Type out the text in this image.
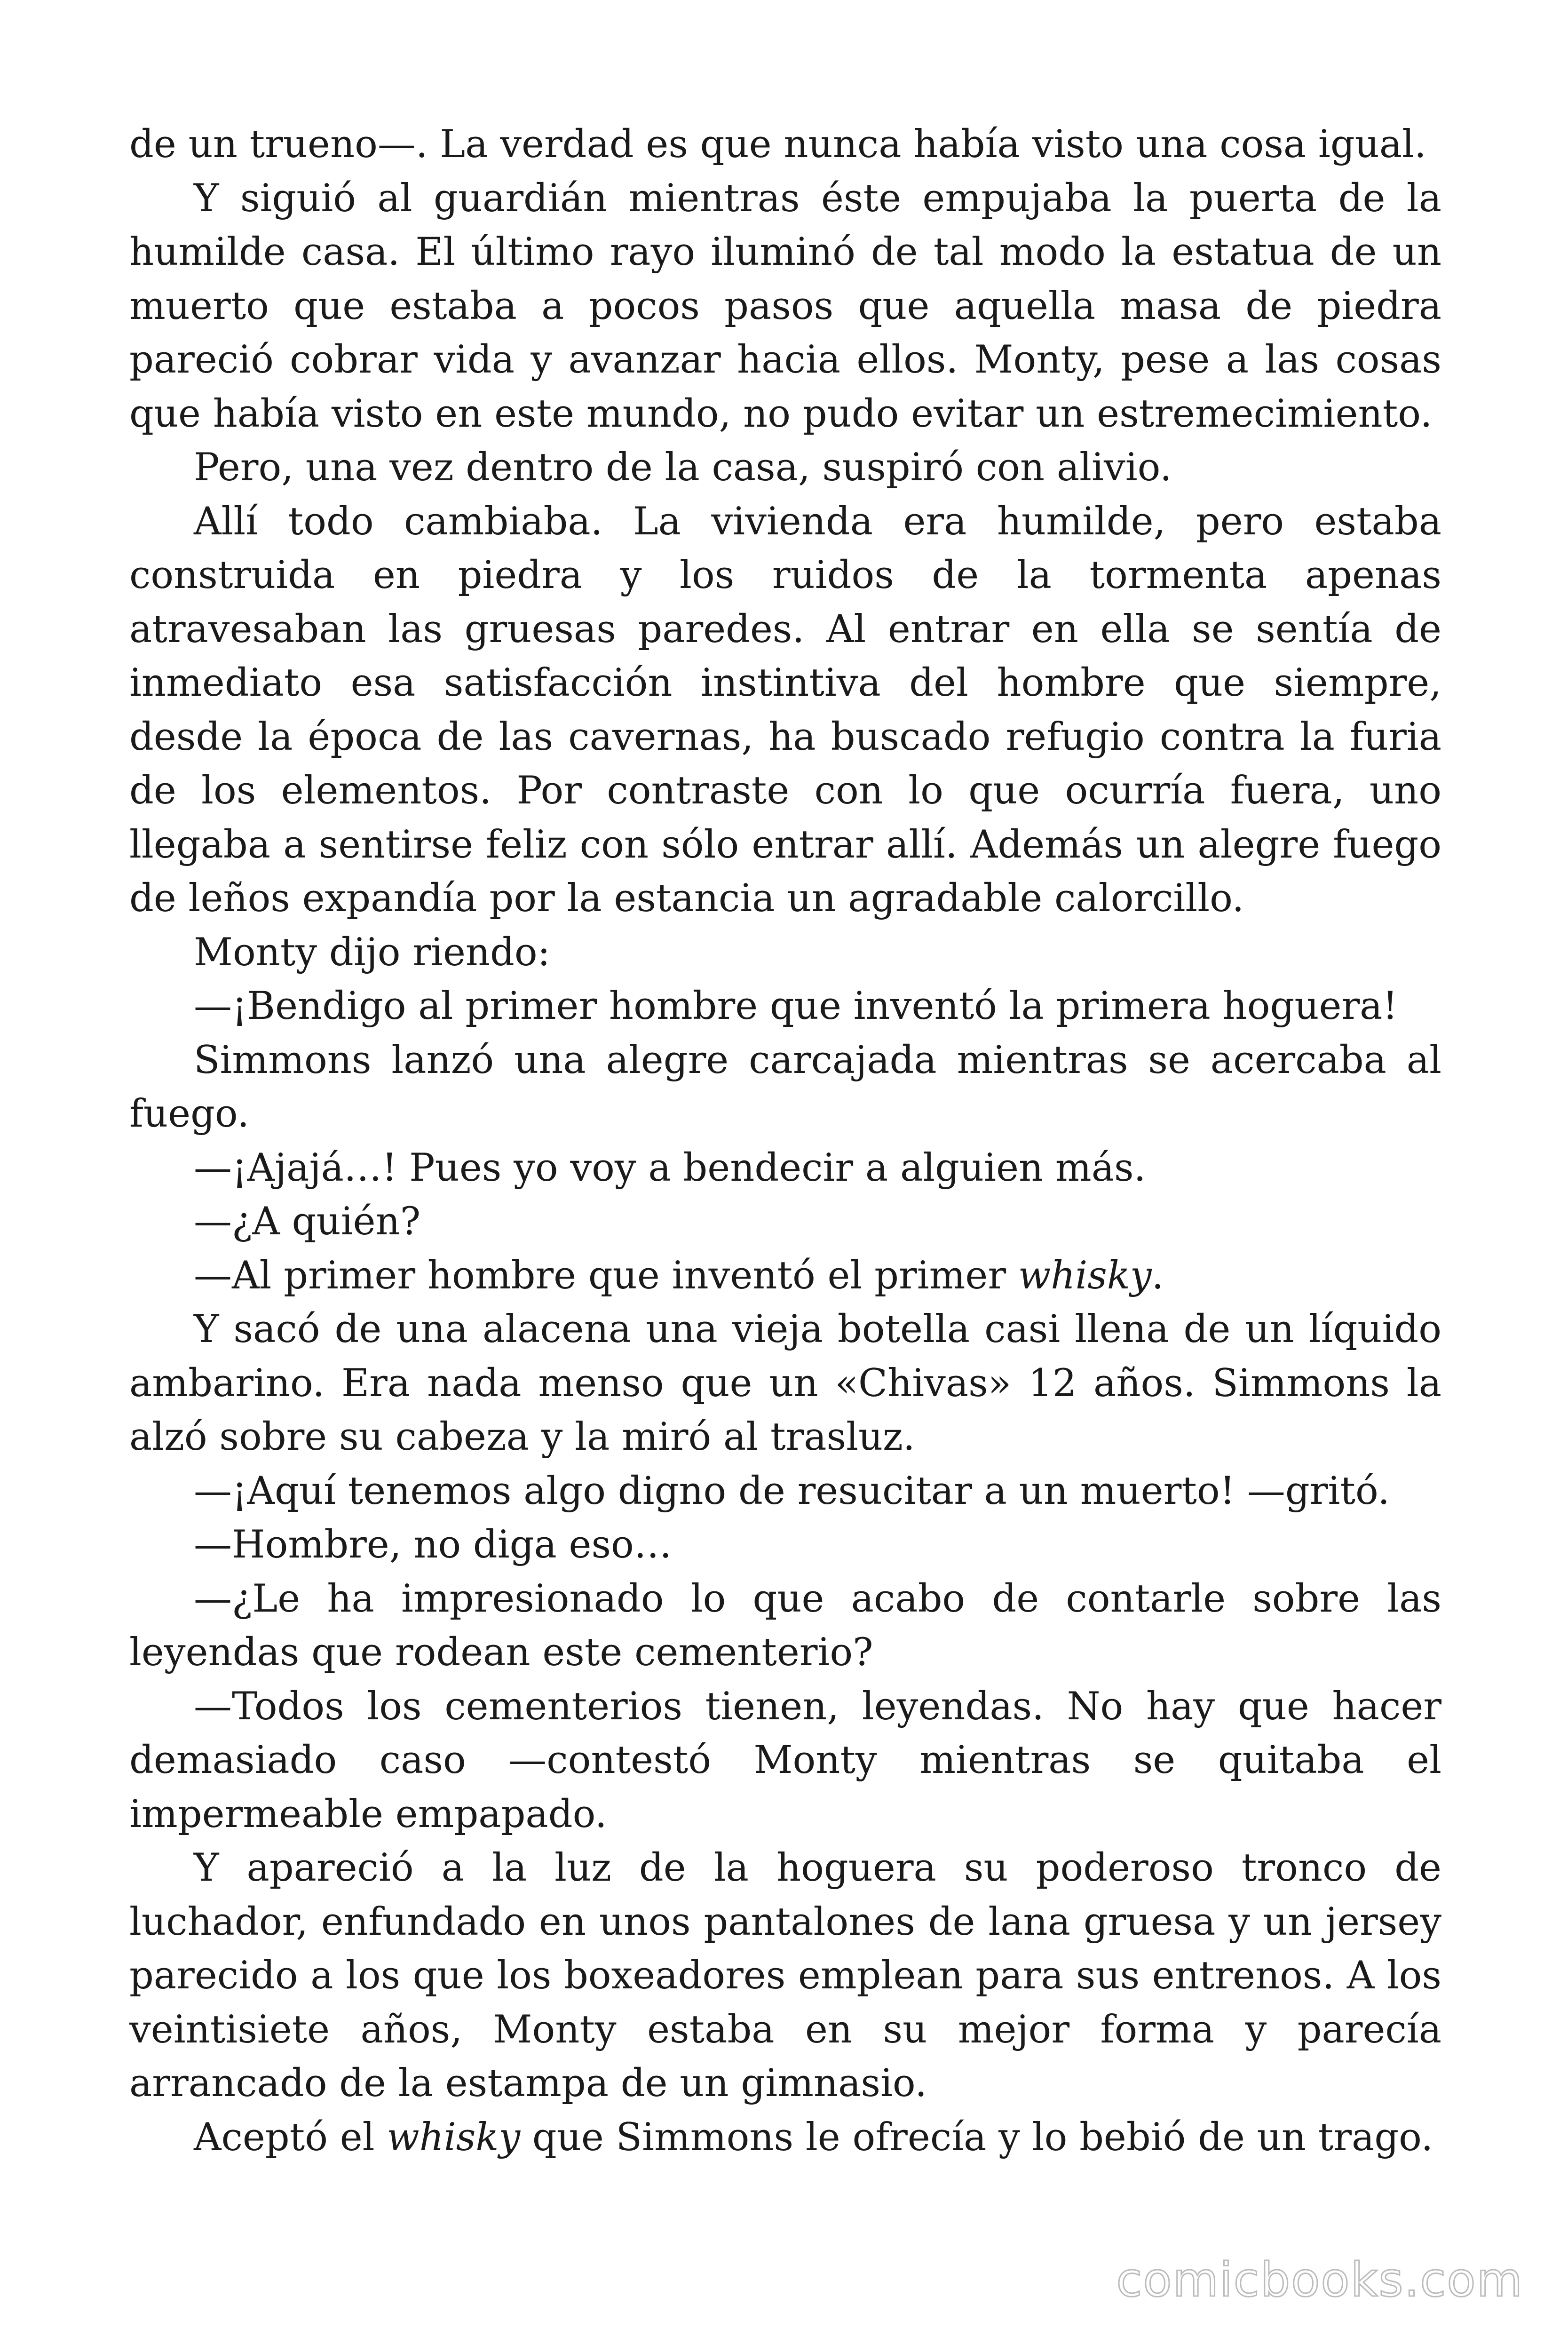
de un trueno—. La verdad es que nunca había visto una cosa igual.

Y siguió al guardián mientras éste empujaba la puerta de la humilde casa. El último rayo iluminó de tal modo la estatua de un muerto que estaba a pocos pasos que aquella masa de piedra pareció cobrar vida y avanzar hacia ellos. Monty, pese a las cosas que había visto en este mundo, no pudo evitar un estremecimiento.

Pero, una vez dentro de la casa, suspiró con alivio.

Allí todo cambiaba. La vivienda era humilde, pero estaba construida en piedra y los ruidos de la tormenta apenas atravesaban las gruesas paredes. Al entrar en ella se sentía de inmediato esa satisfacción instintiva del hombre que siempre, desde la época de las cavernas, ha buscado refugio contra la furia de los elementos. Por contraste con lo que ocurría fuera, uno llegaba a sentirse feliz con sólo entrar allí. Además un alegre fuego de leños expandía por la estancia un agradable calorcillo.

Monty dijo riendo:

—¡Bendigo al primer hombre que inventó la primera hoguera!

Simmons lanzó una alegre carcajada mientras se acercaba al fuego.

—¡Ajajá…! Pues yo voy a bendecir a alguien más.

—¿A quién?

—Al primer hombre que inventó el primer whisky.

Y sacó de una alacena una vieja botella casi llena de un líquido ambarino. Era nada menso que un «Chivas» 12 años. Simmons la alzó sobre su cabeza y la miró al trasluz.

—¡Aquí tenemos algo digno de resucitar a un muerto! —gritó.

—Hombre, no diga eso…

—¿Le ha impresionado lo que acabo de contarle sobre las leyendas que rodean este cementerio?

—Todos los cementerios tienen, leyendas. No hay que hacer demasiado caso —contestó Monty mientras se quitaba el impermeable empapado.

Y apareció a la luz de la hoguera su poderoso tronco de luchador, enfundado en unos pantalones de lana gruesa y un jersey parecido a los que los boxeadores emplean para sus entrenos. A los veintisiete años, Monty estaba en su mejor forma y parecía arrancado de la estampa de un gimnasio.

Aceptó el whisky que Simmons le ofrecía y lo bebió de un trago.

comicbooks.com
